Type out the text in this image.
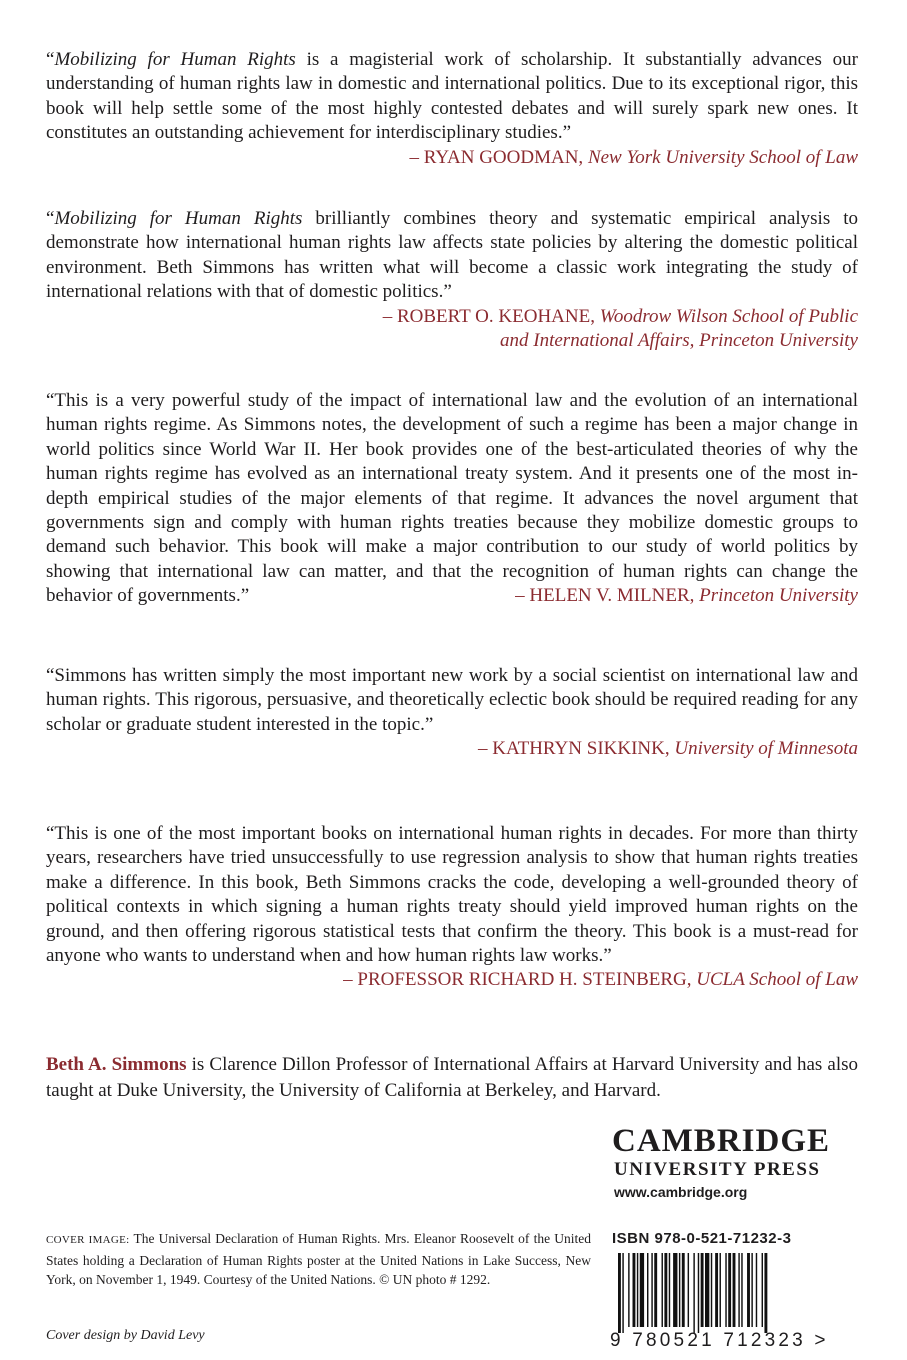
“Mobilizing for Human Rights is a magisterial work of scholarship. It substantially advances our understanding of human rights law in domestic and international politics. Due to its exceptional rigor, this book will help settle some of the most highly contested debates and will surely spark new ones. It constitutes an outstanding achievement for interdisciplinary studies.”
– RYAN GOODMAN, New York University School of Law

“Mobilizing for Human Rights brilliantly combines theory and systematic empirical analysis to demonstrate how international human rights law affects state policies by altering the domestic political environment. Beth Simmons has written what will become a classic work integrating the study of international relations with that of domestic politics.”
– ROBERT O. KEOHANE, Woodrow Wilson School of Public
and International Affairs, Princeton University

“This is a very powerful study of the impact of international law and the evolution of an international human rights regime. As Simmons notes, the development of such a regime has been a major change in world politics since World War II. Her book provides one of the best-articulated theories of why the human rights regime has evolved as an international treaty system. And it presents one of the most in-depth empirical studies of the major elements of that regime. It advances the novel argument that governments sign and comply with human rights treaties because they mobilize domestic groups to demand such behavior. This book will make a major contribution to our study of world politics by showing that international law can matter, and that the recognition of human rights can change the behavior of governments.”	– HELEN V. MILNER, Princeton University

“Simmons has written simply the most important new work by a social scientist on international law and human rights. This rigorous, persuasive, and theoretically eclectic book should be required reading for any scholar or graduate student interested in the topic.”
– KATHRYN SIKKINK, University of Minnesota

“This is one of the most important books on international human rights in decades. For more than thirty years, researchers have tried unsuccessfully to use regression analysis to show that human rights treaties make a difference. In this book, Beth Simmons cracks the code, developing a well-grounded theory of political contexts in which signing a human rights treaty should yield improved human rights on the ground, and then offering rigorous statistical tests that confirm the theory. This book is a must-read for anyone who wants to understand when and how human rights law works.”
– PROFESSOR RICHARD H. STEINBERG, UCLA School of Law

Beth A. Simmons is Clarence Dillon Professor of International Affairs at Harvard University and has also taught at Duke University, the University of California at Berkeley, and Harvard.
CAMBRIDGE
UNIVERSITY PRESS
www.cambridge.org
COVER IMAGE: The Universal Declaration of Human Rights. Mrs. Eleanor Roosevelt of the United States holding a Declaration of Human Rights poster at the United Nations in Lake Success, New York, on November 1, 1949. Courtesy of the United Nations. © UN photo # 1292.
Cover design by David Levy
ISBN 978-0-521-71232-3
9 780521 712323 >
